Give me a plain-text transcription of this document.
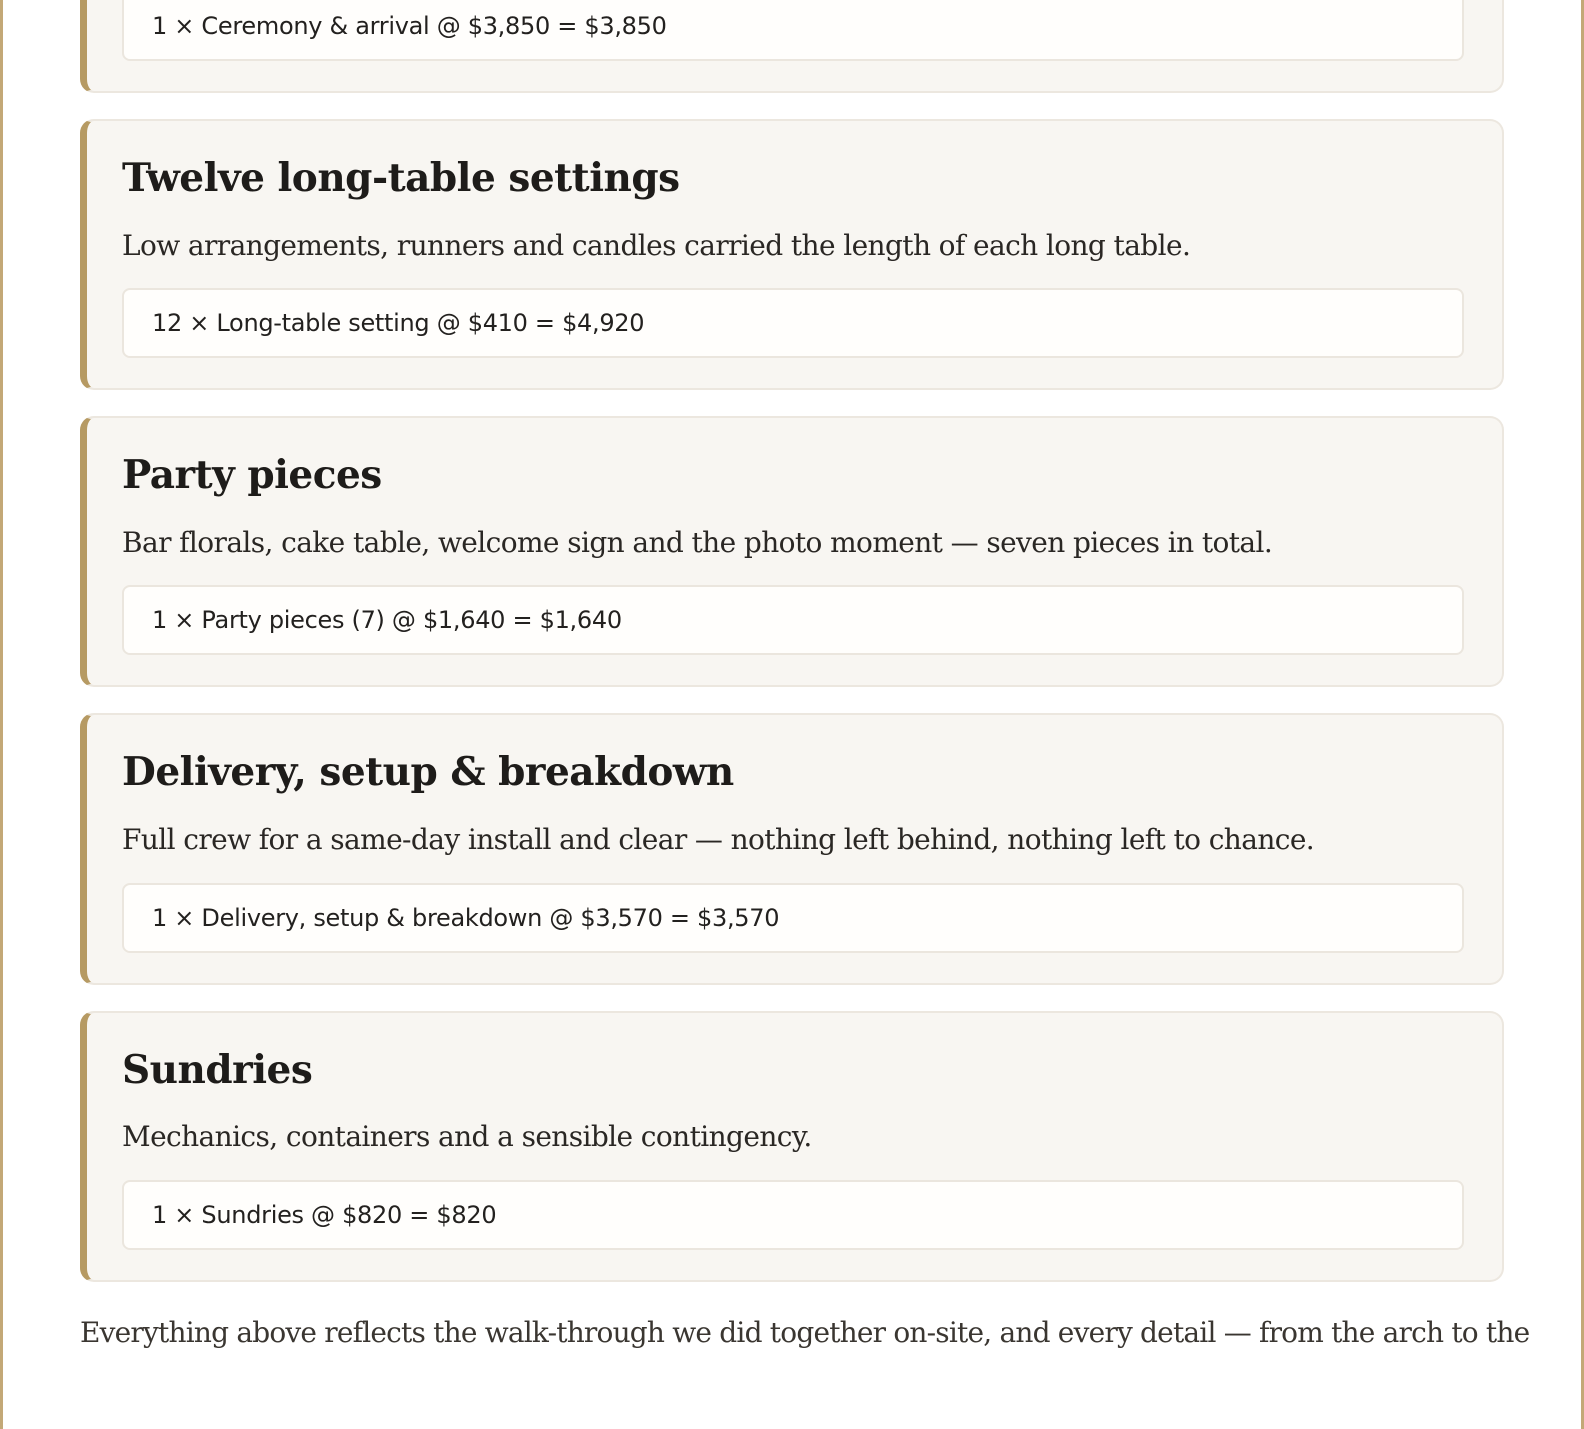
1 × Ceremony & arrival @ $3,850 = $3,850
Twelve long-table settings

Low arrangements, runners and candles carried the length of each long table.

12 × Long-table setting @ $410 = $4,920
Party pieces

Bar florals, cake table, welcome sign and the photo moment — seven pieces in total.

1 × Party pieces (7) @ $1,640 = $1,640
Delivery, setup & breakdown

Full crew for a same-day install and clear — nothing left behind, nothing left to chance.

1 × Delivery, setup & breakdown @ $3,570 = $3,570
Sundries

Mechanics, containers and a sensible contingency.

1 × Sundries @ $820 = $820

Everything above reflects the walk-through we did together on-site, and every detail — from the arch to the
